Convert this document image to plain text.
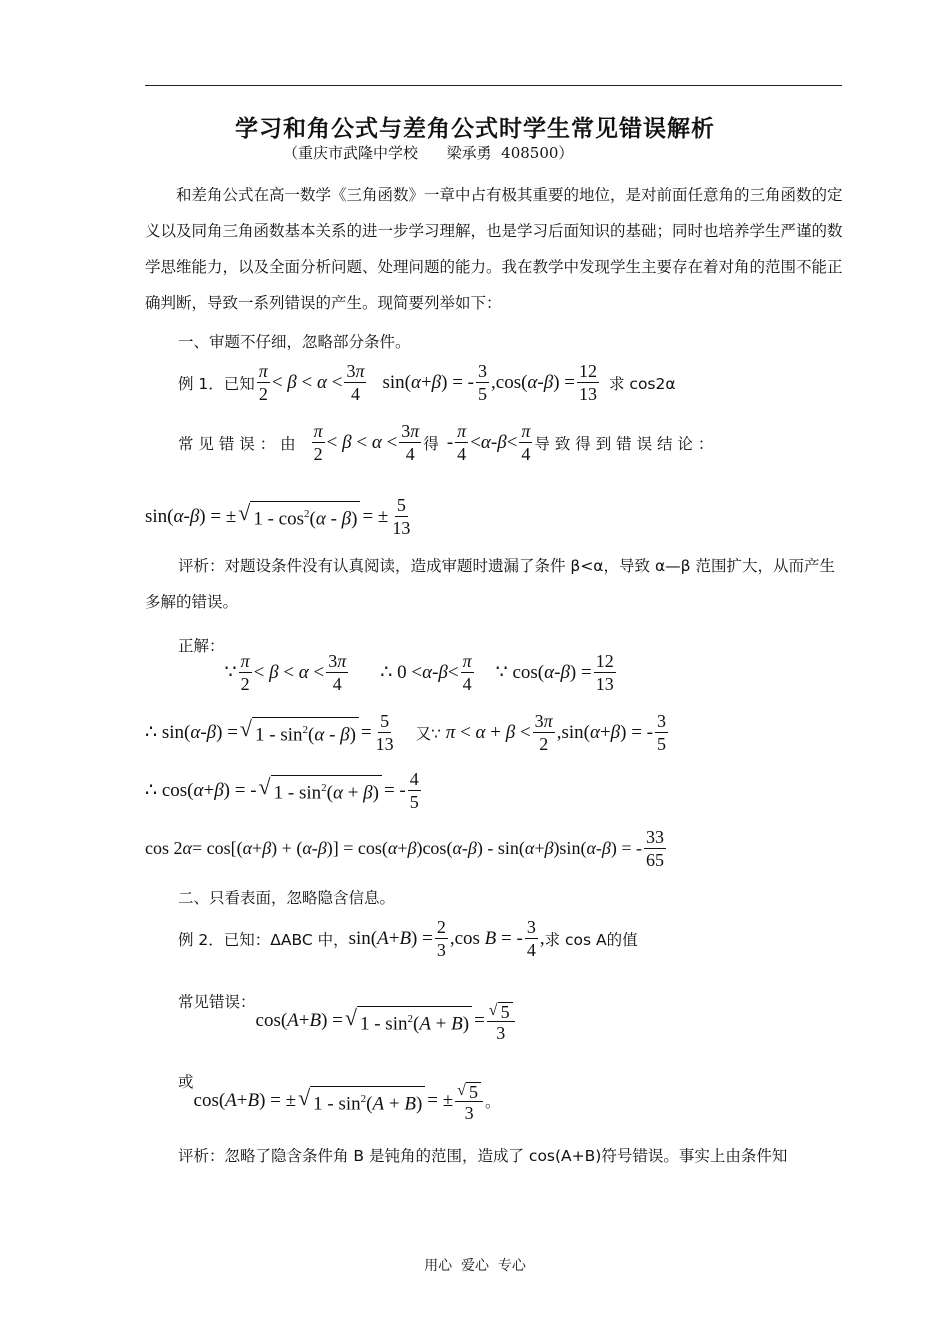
学习和角公式与差角公式时学生常见错误解析
（重庆市武隆中学校      梁承勇  408500）
和差角公式在高一数学《三角函数》一章中占有极其重要的地位，是对前面任意角的三角函数的定义以及同角三角函数基本关系的进一步学习理解，也是学习后面知识的基础；同时也培养学生严谨的数学思维能力，以及全面分析问题、处理问题的能力。我在教学中发现学生主要存在着对角的范围不能正确判断，导致一系列错误的产生。现简要列举如下：
一、审题不仔细，忽略部分条件。
例 1．已知 $\frac{\pi}{2} < \beta < \alpha < \frac{3\pi}{4} \sin$( α + β ) = - $\frac{3}{5} ,\cos$( α - β ) = $\frac{12}{13}$ 求 cos2α
常 见 错 误 ： 由 $\frac{\pi}{2} < \beta < \alpha < \frac{3\pi}{4}$ 得 - $\frac{\pi}{4} < \alpha - \beta < \frac{\pi}{4}$ 导 致 得 到 错 误 结 论 ：
sin( α - β ) = ± √ $1 - \cos^2(\alpha - \beta)$ = ± $\frac{5}{13}$
评析：对题设条件没有认真阅读，造成审题时遗漏了条件 β<α，导致 α—β 范围扩大，从而产生
多解的错误。
正解：
∵ $\frac{\pi}{2} < \beta < \alpha < \frac{3\pi}{4}$ ∴ $0 < \alpha - \beta < \frac{\pi}{4}$ ∵ cos( α - β ) = $\frac{12}{13}$
∴ sin( α - β ) = √ $1 - \sin^2(\alpha - \beta) = \frac{5}{13}$ 又∵ $\pi < \alpha + \beta < \frac{3\pi}{2} ,\sin$( α + β ) = - $\frac{3}{5}$
∴ cos( α + β ) = - √ $1 - \sin^2(\alpha + \beta)$ = - $\frac{4}{5}$
cos 2 α = cos[( α + β ) + ( α - β )] = cos( α + β )cos( α - β ) - sin( α + β )sin( α - β ) = - $\frac{33}{65}$
二、只看表面，忽略隐含信息。
例 2．已知：ΔABC 中， sin( A + B ) = $\frac{2}{3} ,\cos$ B = - $\frac{3}{4}$ , 求 cos A的值
常见错误：
cos( A + B ) = √ $1 - \sin^2(A + B) = \frac{√ 5}{3}$
或
cos( A + B ) = ± √ $1 - \sin^2(A + B)$ = ± $\frac{√ 5}{3}$ 。
评析：忽略了隐含条件角 B 是钝角的范围，造成了 cos(A+B)符号错误。事实上由条件知
用心  爱心  专心
